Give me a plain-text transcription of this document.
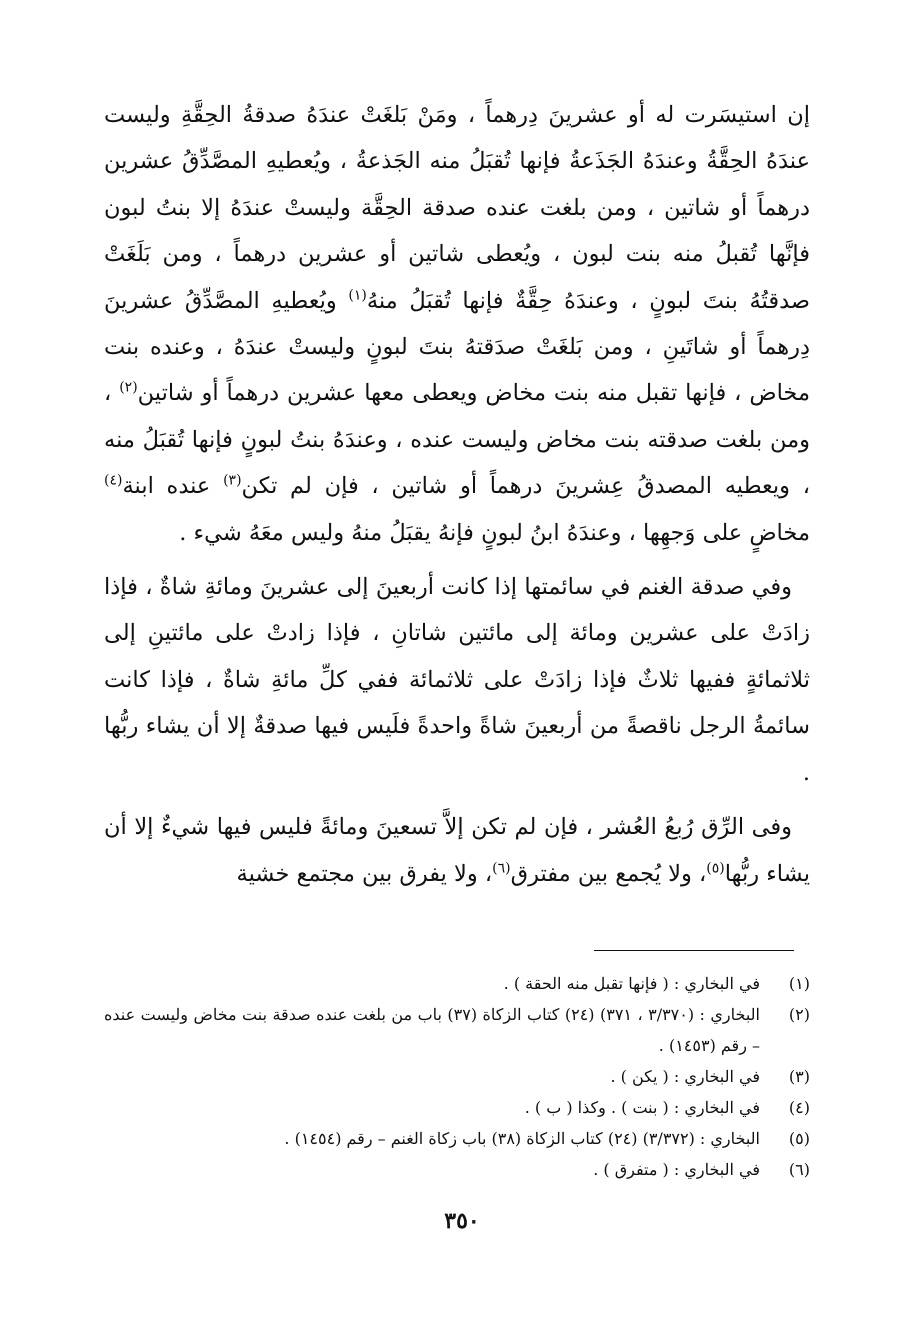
إن استيسَرت له أو عشرينَ دِرهماً ، ومَنْ بَلغَتْ عندَهُ صدقةُ الحِقَّةِ وليست عندَهُ الحِقَّةُ وعندَهُ الجَذَعةُ فإنها تُقبَلُ منه الجَذعةُ ، ويُعطيهِ المصَّدِّقُ عشرين درهماً أو شاتين ، ومن بلغت عنده صدقة الحِقَّة وليستْ عندَهُ إلا بنتُ لبون فإنَّها تُقبلُ منه بنت لبون ، ويُعطى شاتين أو عشرين درهماً ، ومن بَلَغَتْ صدقتُهُ بنتَ لبونٍ ، وعندَهُ حِقَّةٌ فإنها تُقبَلُ منهُ$^{(١)}$ ويُعطيهِ المصَّدِّقُ عشرينَ دِرهماً أو شاتَينِ ، ومن بَلغَتْ صدَقتهُ بنتَ لبونٍ وليستْ عندَهُ ، وعنده بنت مخاض ، فإنها تقبل منه بنت مخاض ويعطى معها عشرين درهماً أو شاتين$^{(٢)}$ ، ومن بلغت صدقته بنت مخاض وليست عنده ، وعندَهُ بنتُ لبونٍ فإنها تُقبَلُ منه ، ويعطيه المصدقُ عِشرينَ درهماً أو شاتين ، فإن لم تكن$^{(٣)}$ عنده ابنة$^{(٤)}$ مخاضٍ على وَجهِها ، وعندَهُ ابنُ لبونٍ فإنهُ يقبَلُ منهُ وليس معَهُ شيء .

وفي صدقة الغنم في سائمتها إذا كانت أربعينَ إلى عشرينَ ومائةِ شاةٌ ، فإذا زادَتْ على عشرين ومائة إلى مائتين شاتانِ ، فإذا زادتْ على مائتينِ إلى ثلاثمائةٍ ففيها ثلاثٌ فإذا زادَتْ على ثلاثمائة ففي كلِّ مائةِ شاةٌ ، فإذا كانت سائمةُ الرجل ناقصةً من أربعينَ شاةً واحدةً فلَيس فيها صدقةٌ إلا أن يشاء ربُّها .

وفى الرِّق رُبعُ العُشر ، فإن لم تكن إلاَّ تسعينَ ومائةً فليس فيها شيءٌ إلا أن يشاء ربُّها$^{(٥)}$، ولا يُجمع بين مفترق$^{(٦)}$، ولا يفرق بين مجتمع خشية

(١)
في البخاري : ( فإنها تقبل منه الحقة ) .
(٢)
البخاري : (٣/٣٧٠ ، ٣٧١) (٢٤) كتاب الزكاة (٣٧) باب من بلغت عنده صدقة بنت مخاض وليست عنده – رقم (١٤٥٣) .
(٣)
في البخاري : ( يكن ) .
(٤)
في البخاري : ( بنت ) . وكذا ( ب ) .
(٥)
البخاري : (٣/٣٧٢) (٢٤) كتاب الزكاة (٣٨) باب زكاة الغنم – رقم (١٤٥٤) .
(٦)
في البخاري : ( متفرق ) .
٣٥٠
